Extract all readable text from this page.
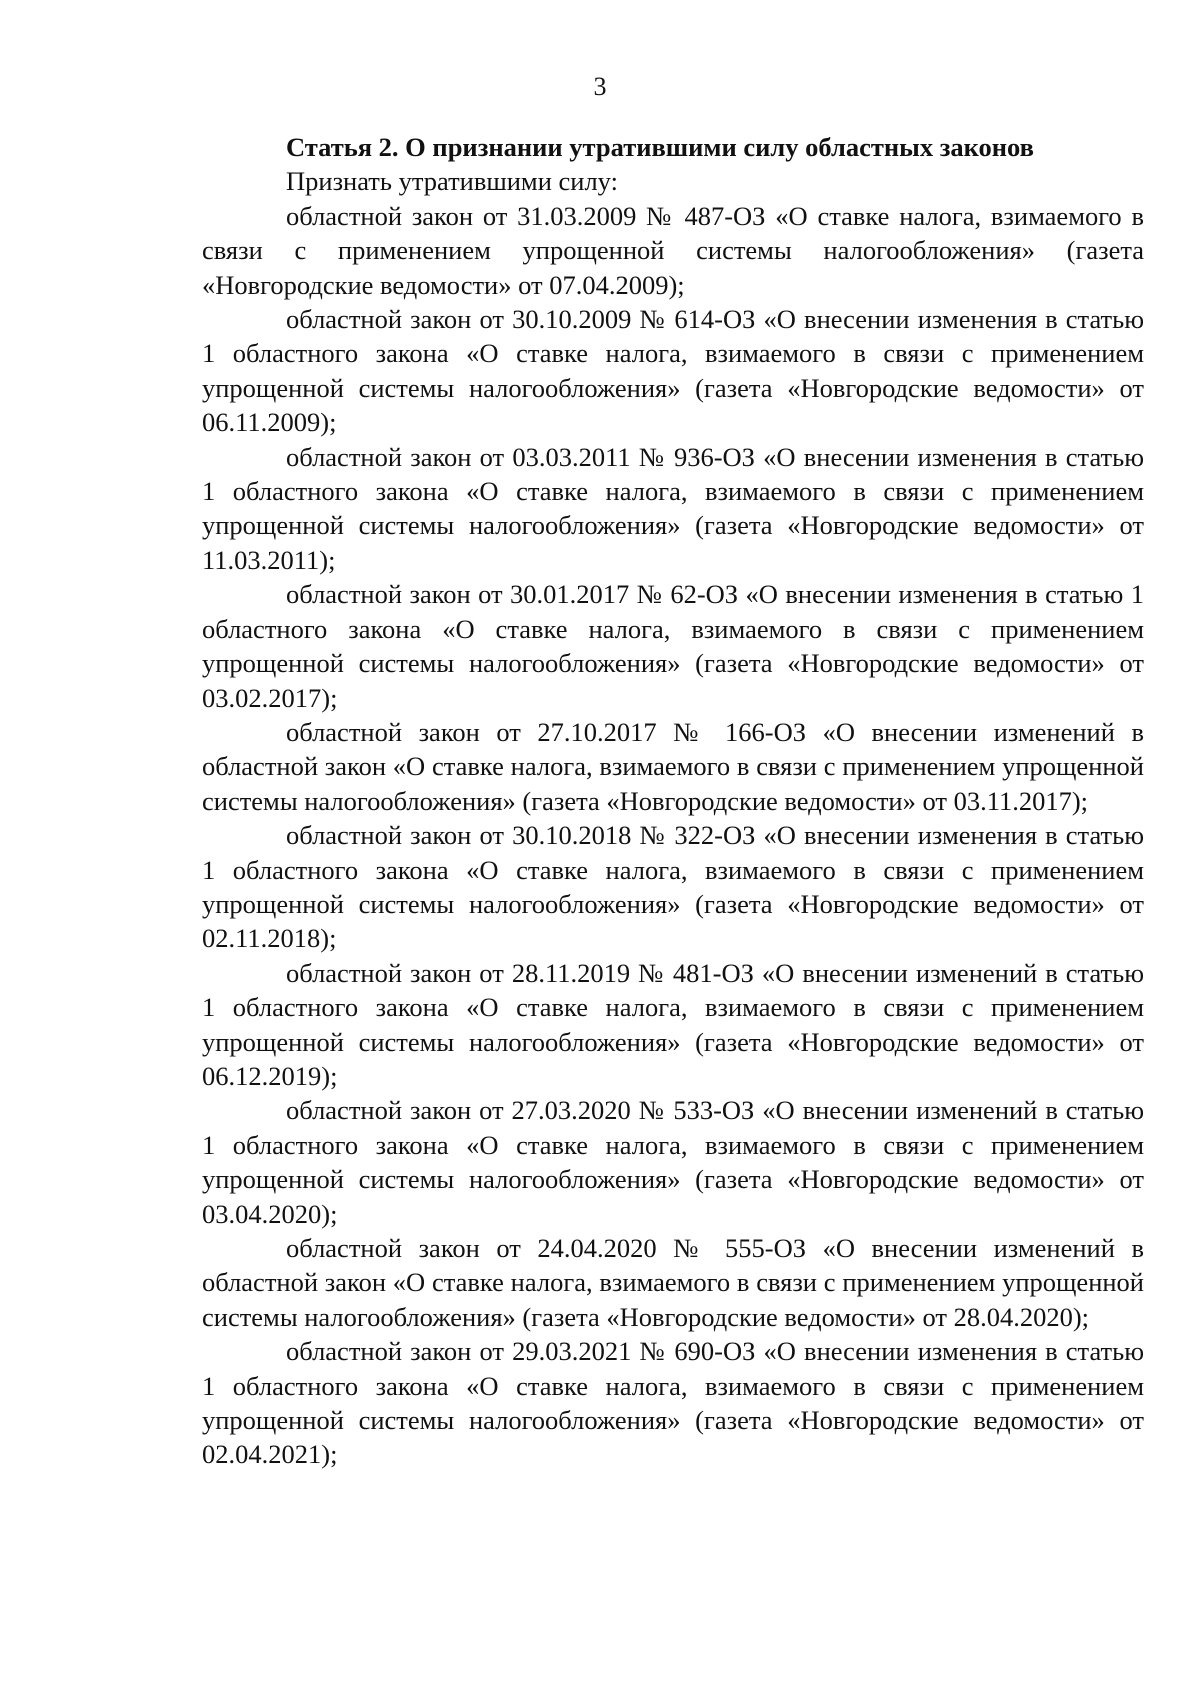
3

Статья 2. О признании утратившими силу областных законов

Признать утратившими силу:

областной закон от 31.03.2009 № 487-ОЗ «О ставке налога, взимаемого в связи с применением упрощенной системы налогообложения» (газета «Новгородские ведомости» от 07.04.2009);

областной закон от 30.10.2009 № 614-ОЗ «О внесении изменения в статью 1 областного закона «О ставке налога, взимаемого в связи с применением упрощенной системы налогообложения» (газета «Новгородские ведомости» от 06.11.2009);

областной закон от 03.03.2011 № 936-ОЗ «О внесении изменения в статью 1 областного закона «О ставке налога, взимаемого в связи с применением упрощенной системы налогообложения» (газета «Новгородские ведомости» от 11.03.2011);

областной закон от 30.01.2017 № 62-ОЗ «О внесении изменения в статью 1 областного закона «О ставке налога, взимаемого в связи с применением упрощенной системы налогообложения» (газета «Новгородские ведомости» от 03.02.2017);

областной закон от 27.10.2017 № 166-ОЗ «О внесении изменений в областной закон «О ставке налога, взимаемого в связи с применением упрощенной системы налогообложения» (газета «Новгородские ведомости» от 03.11.2017);

областной закон от 30.10.2018 № 322-ОЗ «О внесении изменения в статью 1 областного закона «О ставке налога, взимаемого в связи с применением упрощенной системы налогообложения» (газета «Новгородские ведомости» от 02.11.2018);

областной закон от 28.11.2019 № 481-ОЗ «О внесении изменений в статью 1 областного закона «О ставке налога, взимаемого в связи с применением упрощенной системы налогообложения» (газета «Новгородские ведомости» от 06.12.2019);

областной закон от 27.03.2020 № 533-ОЗ «О внесении изменений в статью 1 областного закона «О ставке налога, взимаемого в связи с применением упрощенной системы налогообложения» (газета «Новгородские ведомости» от 03.04.2020);

областной закон от 24.04.2020 № 555-ОЗ «О внесении изменений в областной закон «О ставке налога, взимаемого в связи с применением упрощенной системы налогообложения» (газета «Новгородские ведомости» от 28.04.2020);

областной закон от 29.03.2021 № 690-ОЗ «О внесении изменения в статью 1 областного закона «О ставке налога, взимаемого в связи с применением упрощенной системы налогообложения» (газета «Новгородские ведомости» от 02.04.2021);
